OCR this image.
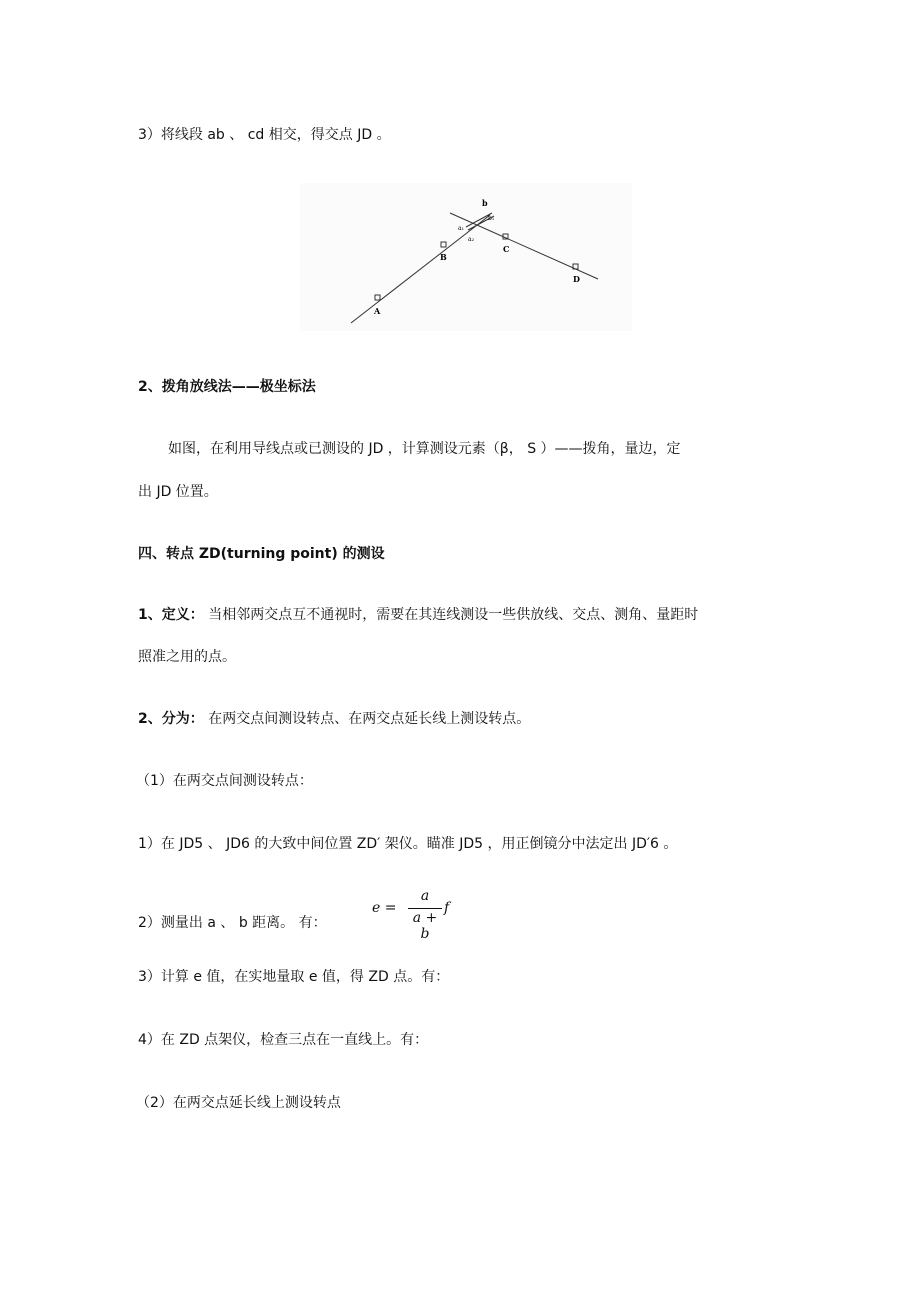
3）将线段 ab 、 cd 相交，得交点 JD 。
A
B
C
D
b
b₁
a₁
a₂
2、拨角放线法——极坐标法
如图，在利用导线点或已测设的 JD ，计算测设元素（β， S ）——拨角，量边，定
出 JD 位置。
四、转点 ZD(turning point) 的测设
1、定义： 当相邻两交点互不通视时，需要在其连线测设一些供放线、交点、测角、量距时
照准之用的点。
2、分为： 在两交点间测设转点、在两交点延长线上测设转点。
（1）在两交点间测设转点：
1）在 JD5 、 JD6 的大致中间位置 ZD′ 架仪。瞄准 JD5 ，用正倒镜分中法定出 JD′6 。
2）测量出 a 、 b 距离。 有：
e =
a
a + b
f
3）计算 e 值，在实地量取 e 值，得 ZD 点。有：
4）在 ZD 点架仪，检查三点在一直线上。有：
（2）在两交点延长线上测设转点
